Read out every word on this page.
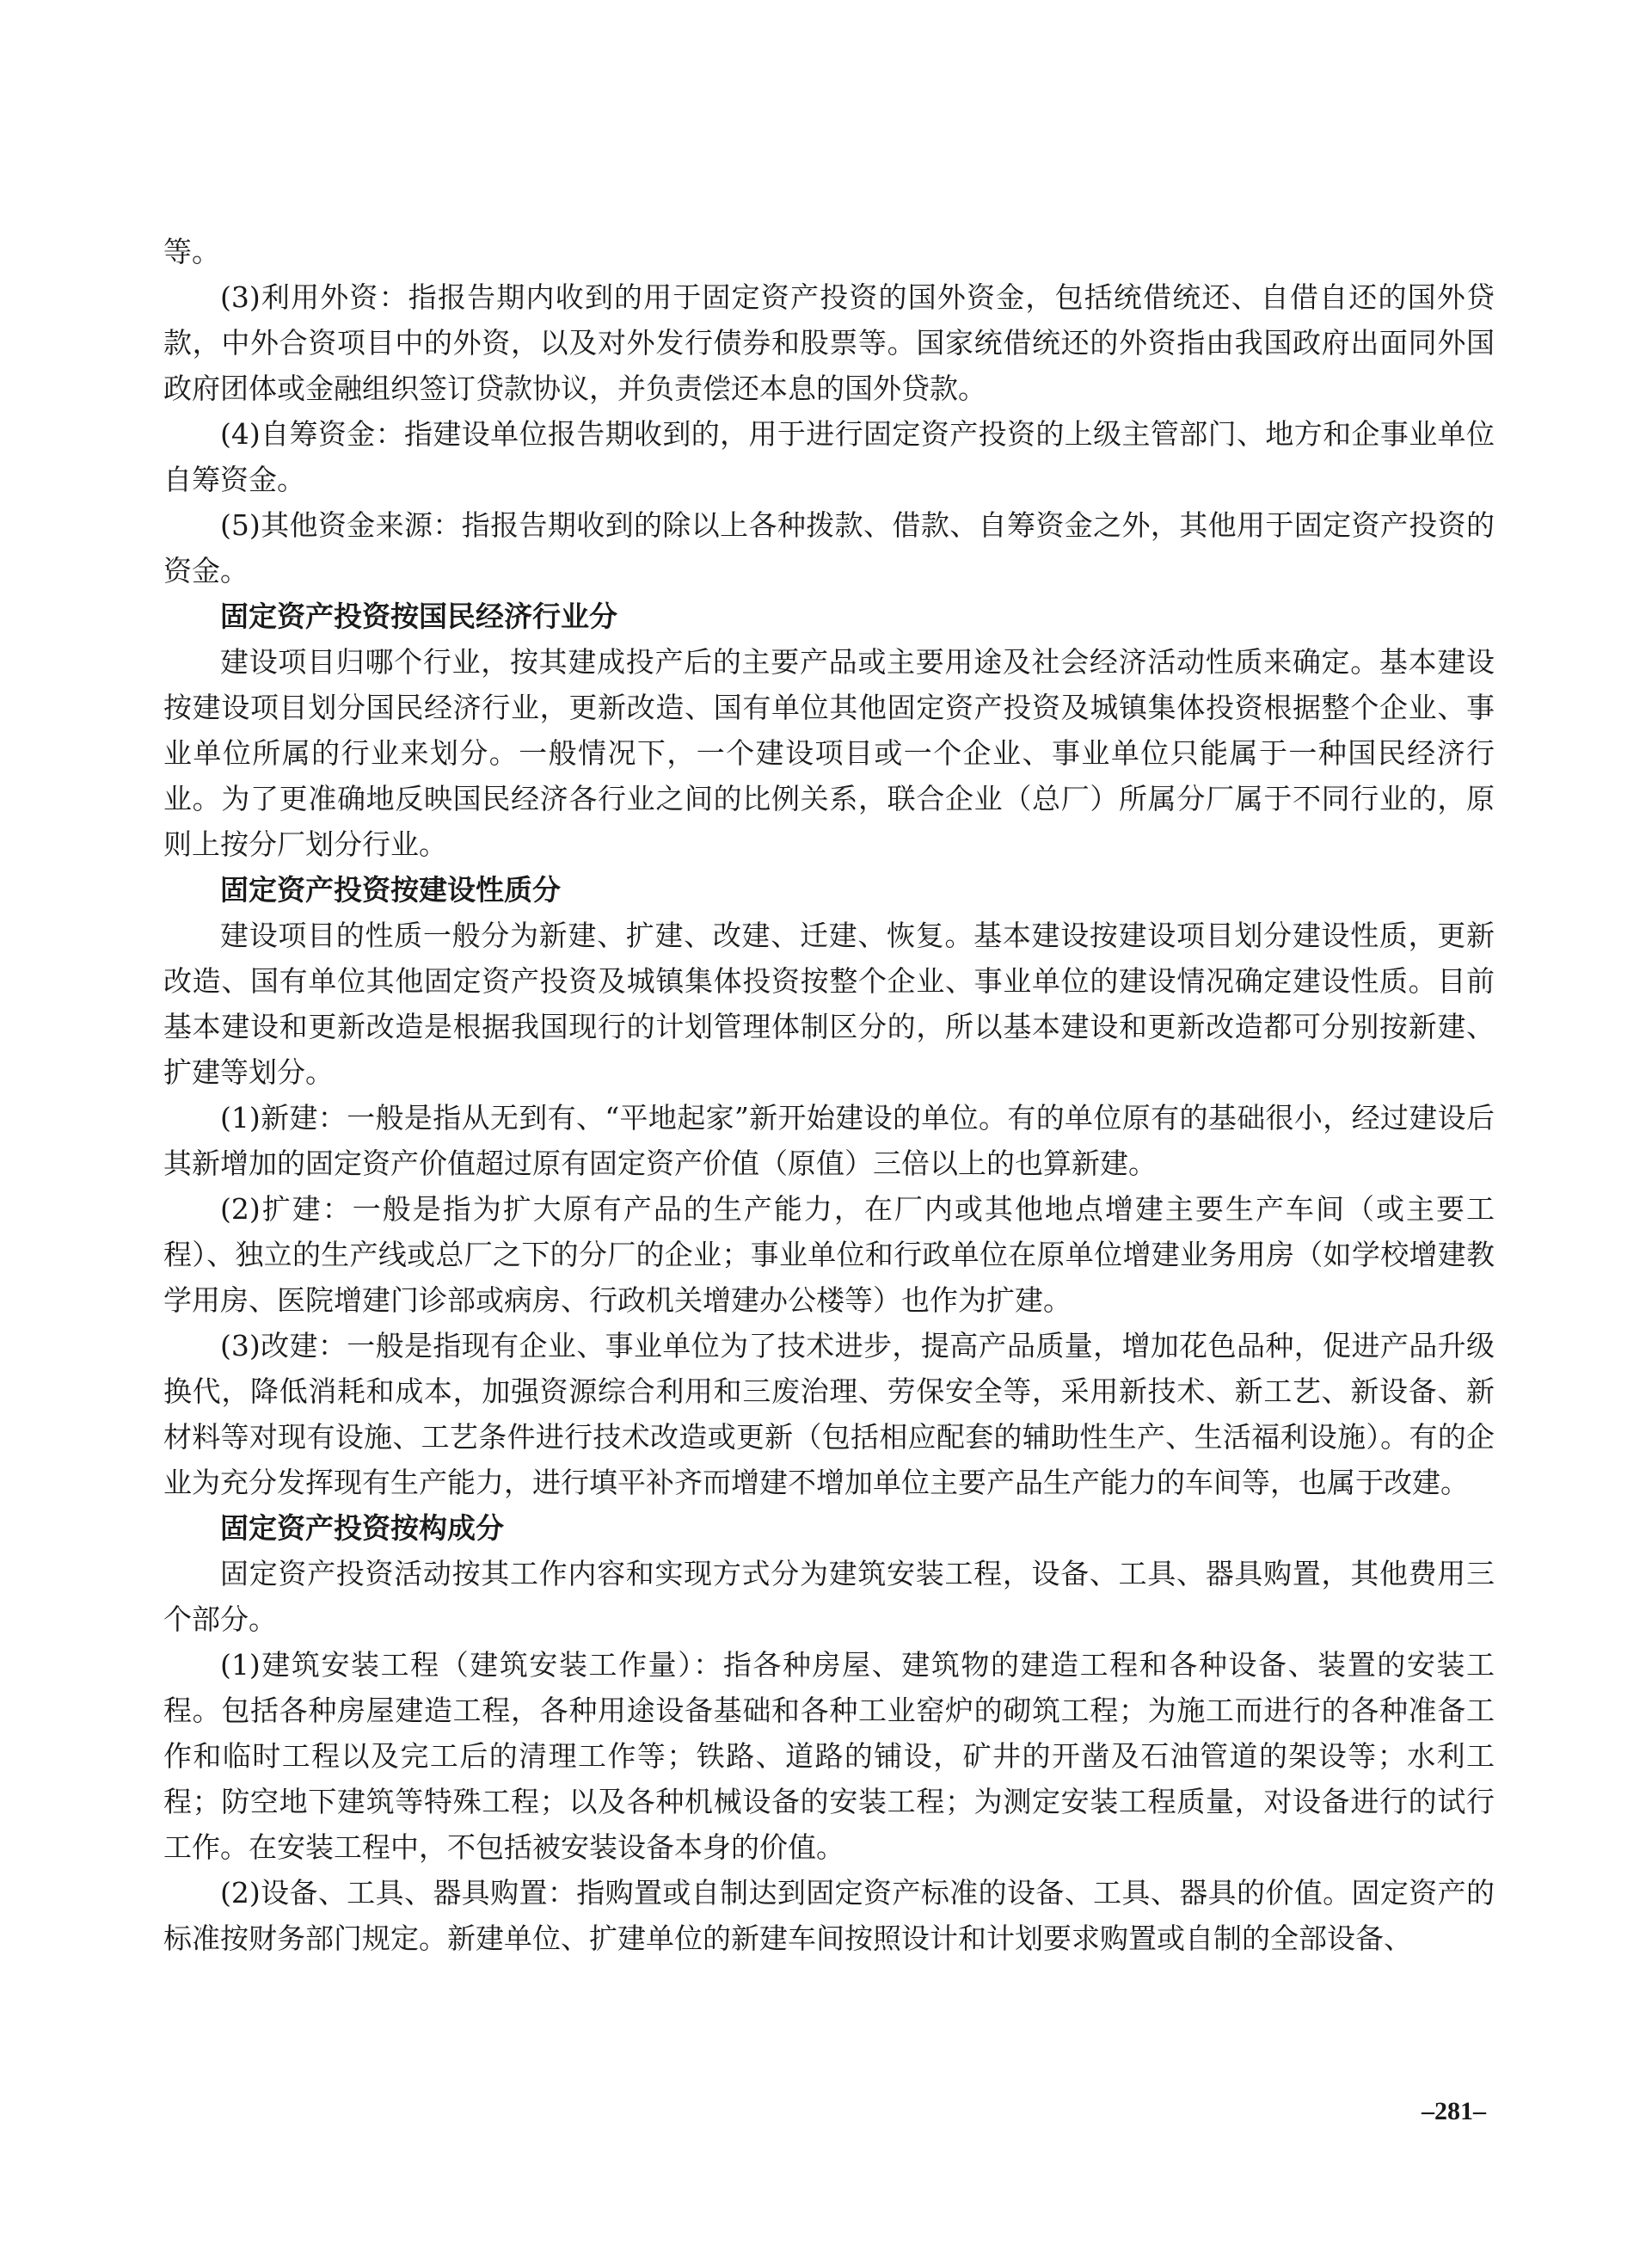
等。

(3)利用外资：指报告期内收到的用于固定资产投资的国外资金，包括统借统还、自借自还的国外贷款，中外合资项目中的外资，以及对外发行债券和股票等。国家统借统还的外资指由我国政府出面同外国政府团体或金融组织签订贷款协议，并负责偿还本息的国外贷款。

(4)自筹资金：指建设单位报告期收到的，用于进行固定资产投资的上级主管部门、地方和企事业单位自筹资金。

(5)其他资金来源：指报告期收到的除以上各种拨款、借款、自筹资金之外，其他用于固定资产投资的资金。

固定资产投资按国民经济行业分

建设项目归哪个行业，按其建成投产后的主要产品或主要用途及社会经济活动性质来确定。基本建设按建设项目划分国民经济行业，更新改造、国有单位其他固定资产投资及城镇集体投资根据整个企业、事业单位所属的行业来划分。一般情况下，一个建设项目或一个企业、事业单位只能属于一种国民经济行业。为了更准确地反映国民经济各行业之间的比例关系，联合企业（总厂）所属分厂属于不同行业的，原则上按分厂划分行业。

固定资产投资按建设性质分

建设项目的性质一般分为新建、扩建、改建、迁建、恢复。基本建设按建设项目划分建设性质，更新改造、国有单位其他固定资产投资及城镇集体投资按整个企业、事业单位的建设情况确定建设性质。目前基本建设和更新改造是根据我国现行的计划管理体制区分的，所以基本建设和更新改造都可分别按新建、扩建等划分。

(1)新建：一般是指从无到有、“平地起家”新开始建设的单位。有的单位原有的基础很小，经过建设后其新增加的固定资产价值超过原有固定资产价值（原值）三倍以上的也算新建。

(2)扩建：一般是指为扩大原有产品的生产能力，在厂内或其他地点增建主要生产车间（或主要工程）、独立的生产线或总厂之下的分厂的企业；事业单位和行政单位在原单位增建业务用房（如学校增建教学用房、医院增建门诊部或病房、行政机关增建办公楼等）也作为扩建。

(3)改建：一般是指现有企业、事业单位为了技术进步，提高产品质量，增加花色品种，促进产品升级换代，降低消耗和成本，加强资源综合利用和三废治理、劳保安全等，采用新技术、新工艺、新设备、新材料等对现有设施、工艺条件进行技术改造或更新（包括相应配套的辅助性生产、生活福利设施）。有的企业为充分发挥现有生产能力，进行填平补齐而增建不增加单位主要产品生产能力的车间等，也属于改建。

固定资产投资按构成分

固定资产投资活动按其工作内容和实现方式分为建筑安装工程，设备、工具、器具购置，其他费用三个部分。

(1)建筑安装工程（建筑安装工作量）：指各种房屋、建筑物的建造工程和各种设备、装置的安装工程。包括各种房屋建造工程，各种用途设备基础和各种工业窑炉的砌筑工程；为施工而进行的各种准备工作和临时工程以及完工后的清理工作等；铁路、道路的铺设，矿井的开凿及石油管道的架设等；水利工程；防空地下建筑等特殊工程；以及各种机械设备的安装工程；为测定安装工程质量，对设备进行的试行工作。在安装工程中，不包括被安装设备本身的价值。

(2)设备、工具、器具购置：指购置或自制达到固定资产标准的设备、工具、器具的价值。固定资产的标准按财务部门规定。新建单位、扩建单位的新建车间按照设计和计划要求购置或自制的全部设备、

–281–
